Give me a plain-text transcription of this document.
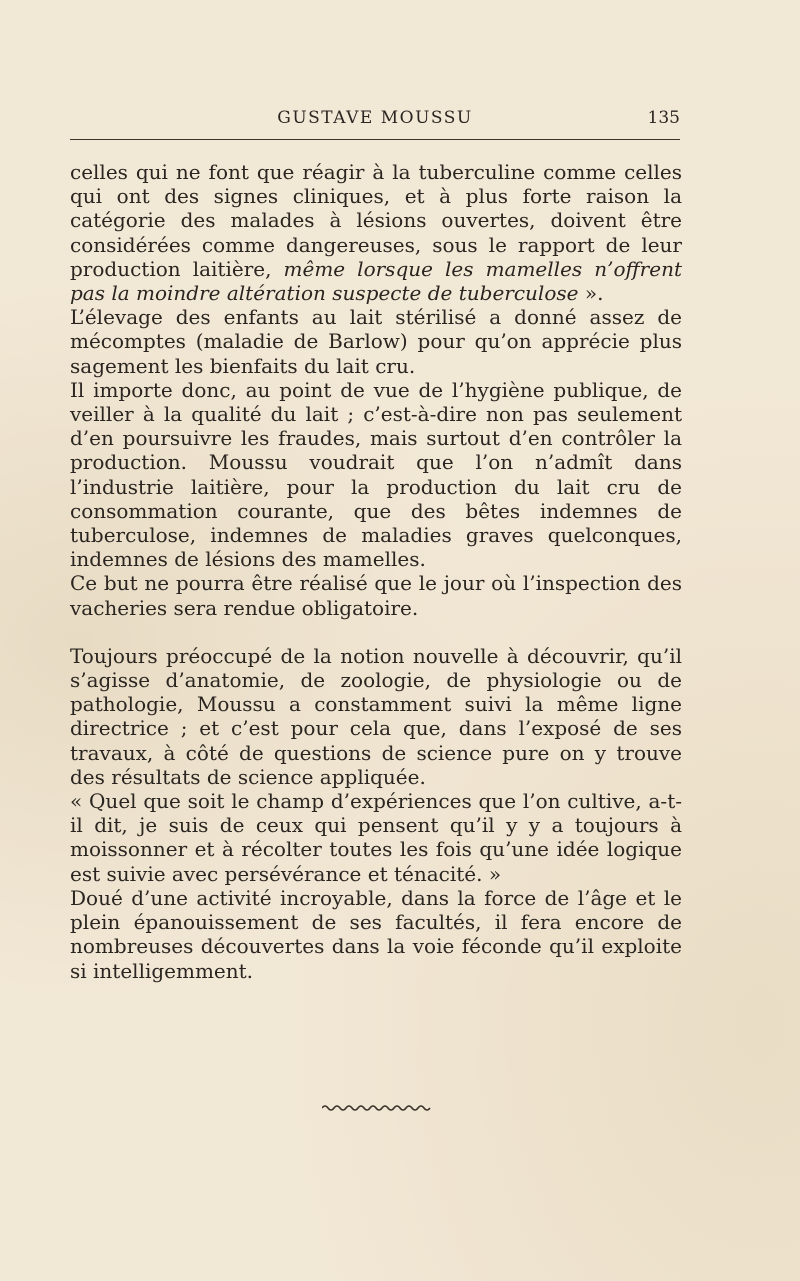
GUSTAVE MOUSSU	135

celles qui ne font que réagir à la tuberculine comme celles qui ont des signes cliniques, et à plus forte raison la catégorie des malades à lésions ouvertes, doivent être considérées comme dangereuses, sous le rapport de leur production laitière, même lorsque les mamelles n’offrent pas la moindre altération suspecte de tuberculose ».

L’élevage des enfants au lait stérilisé a donné assez de mécomptes (maladie de Barlow) pour qu’on apprécie plus sagement les bienfaits du lait cru.

Il importe donc, au point de vue de l’hygiène publique, de veiller à la qualité du lait ; c’est-à-dire non pas seulement d’en poursuivre les fraudes, mais surtout d’en contrôler la production. Moussu voudrait que l’on n’admît dans l’industrie laitière, pour la production du lait cru de consommation courante, que des bêtes indemnes de tuberculose, indemnes de maladies graves quelconques, indemnes de lésions des mamelles.

Ce but ne pourra être réalisé que le jour où l’inspection des vacheries sera rendue obligatoire.

Toujours préoccupé de la notion nouvelle à découvrir, qu’il s’agisse d’anatomie, de zoologie, de physiologie ou de pathologie, Moussu a constamment suivi la même ligne directrice ; et c’est pour cela que, dans l’exposé de ses travaux, à côté de questions de science pure on y trouve des résultats de science appliquée.

« Quel que soit le champ d’expériences que l’on cultive, a-t-il dit, je suis de ceux qui pensent qu’il y y a toujours à moissonner et à récolter toutes les fois qu’une idée logique est suivie avec persévérance et ténacité. »

Doué d’une activité incroyable, dans la force de l’âge et le plein épanouissement de ses facultés, il fera encore de nombreuses découvertes dans la voie féconde qu’il exploite si intelligemment.
